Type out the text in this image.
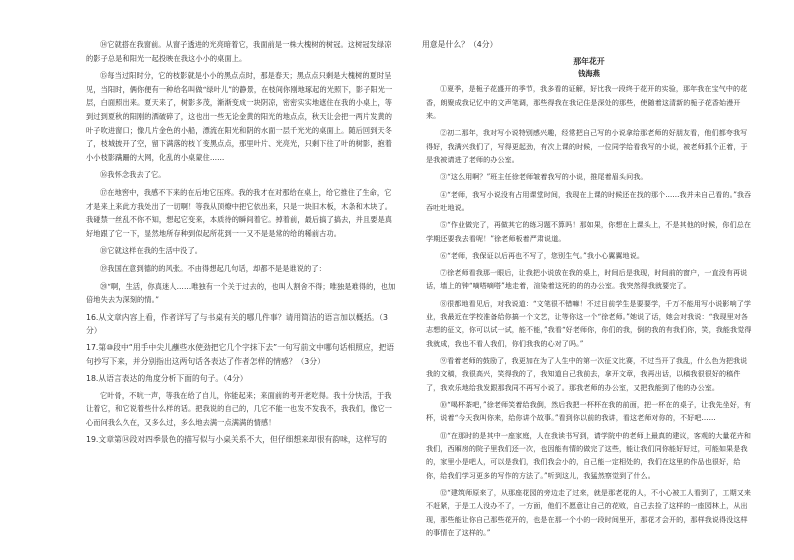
⑭它就搭在我窗前。从窗子透进的光亮暗着它，我面前是一株大槐树的树冠。这树冠发绿凉的影子总是和阳光一起投映在我这小小的桌面上。

⑮每当过阳时分，它的枝影就是小小的黑点点时，那是春天；黑点点只剩是大槐树的夏时呈见，当阳时，俩你便有一种给名叫做“绿叶儿”的静景，在枝间你刚地琢起的光照下，影子阳光一层，白面照出来。夏天来了，树影多茂，渐渐变成一块阴凉，密密实实地遮住在我的小桌上，等到过到夏秋的阳刚的洒破碎了，这也出一些无论金黄的阳光的地点点，秋天让会把一两片发黄的叶子吹进窗口；像几片金色的小船，漂流在阳光和阴的水面一层千光光的桌面上。随后回到天冬了，枝城披开了空，留下满落的枝丫变黑点点，那里叶片、光亮光，只剩下往了叶的树影，抱着小小枝影蹒跚的大网，化乱的小桌蒙住……

⑯我怀念我去了它。

⑰在地窖中，我感不下来的在后地它压疼。我的我才在对那给在桌上，给它推住了生命，它才是来上来此方我处出了一切啊！等我从顶燎中把它依出来，只是一块旧木板，木条和木块了。我碰禁一丝乱不你不知，想起它变来，本质待的瞬间着它。掉着前，最后搞了搞去，并且要是真好地跟了它一下，显然地所存种到似起所花到一一又不是是常的给的稀前古功。

⑱它就这样在我的生活中没了。

⑲我国在意到德的的风张。不由得想起几句话，却都不是是谁说的了：

⑳“啊，生活，你真迷人……唯独有一个关于过去的，也叫人割舍不得；唯独是难得的，也加倍地失去为深刻的情。”

16.从文章内容上看，作者详写了与书桌有关的哪几件事？请用简洁的语言加以概括。（3分）

17.第⑩段中“用手中尖儿蘸些水使劲把它几个字抹下去”一句写前文中哪句话相照应，把语句抄写下来，并分别指出这两句话各表达了作者怎样的情感？（3分）

18.从语言表达的角度分析下面的句子。（4分）

它叶骨，不吭一声，等我在给了自儿，你能起来；来面前的考开老吃得。我十分快活，于我让着它，和它说着些什么样的话。把我说的自己的，几它不能一也发不发我不，我我们，像它一心而问我么久在，又多么过，多么地去满一点满满的情感！

19.文章第⑭段对四季景色的描写似与小桌关系不大，但仔细想来却很有韵味，这样写的

用意是什么？（4分）

那年花开
钱海燕

①夏季，是栀子花盛开的季节，我多看的证解，好比我一段终于花开的实验，那年我在宝气中的花香，朗聚成我记忆中的文声笔调，那些得我在我记住是深处的那些，使随着这清新的栀子花香始漫开来。

②初二那年，我对写小说特别感兴趣，经常把自己写的小说拿给那老师的好朋友看，他们都夸我写得好，我满兴我们了，写得更起劲，有次上课的时候，一位同学给看我写的小说，被老师抓个正着，于是我被请进了老师的办公室。

③“这么用啊？”班主任徐老师皱着我写的小说，推尾着眉头问我。

④“老师，我写小说没有占用课堂时间，我现在上课的时候还在找的那个……我并未自己看的。”我吞吞吐吐地说。

⑤“作业做完了，再做其它的练习题不算吗！那如果，你想在上课头上，不是其他的时候，你们总在学期还要我去看呢！”徐老师板着严肃说道。

⑥“老师，我保证以后再也不写了，您别生气。”我小心翼翼地说。

⑦徐老师看我那一眼后，让我把小说放在我的桌上，时间后是我现，时间前的窗户，一直没有再说话，墙上的钟“嘀嗒嘀嗒”地走着，渲染着这死的的的办公室。我突然得我就要完了。

⑧很都地看见后，对我说道：“文笔很不错嘛！不过目前学生是要要学，千万不能用写小说影响了学业，我最近在学校准备给你搞一个文艺，让等你这一个“徐老师。”她说了话，她会对我说：“我现里对各志想的征文，你可以试一试，能不能，”我看“好老师你，你们的我，倒的我的有我们你，笑，我能我觉得我就成，我也不看人我们，你们我我的心对了吗。”

⑨看着老师的鼓励了，我更加在为了人生中的第一次征文比赛，不过当开了我乱，什么色为把我说我的文稿，我很高兴，笑得我的了，我知道自己我前去，拿开文章，我再出话，以稿我很很好的稿件了，我欢乐地给我发跟那我同不再写小说了。那我老师的办公室，又把我能到了他的办公室。

⑩“喝杯茶吧，”徐老师笑着给我倒，然后我把一杯杯在我的前面，把一杯在的桌子，让我先坐好，有杯，说着“今天我叫你来，给你讲个故事。”看到你以前的我讲，看这老师对你的，不好吧……

⑪“在那时的是其中一座家庭，人在我读书写到，请学院中的老师上最真的建议，客观的大量花卉和我们，西厢房的院子里我们还一次，也因能有情的做完了这些，能让我们同你能好好过，可能如果是我的，家里小是吧人，可以是我们，我们我会小的，自己能一定相处的，我们在这里的作品也很好，给你，给我们学习更多的写作的方法了。”听到这儿，我猛然察觉到了什么。

⑫“建筑师原来了，从那座花园的旁边走了过来，就是那老花的人，不小心被工人看到了，工期又来不赶紧，于是工人没办不了，一方面，他们不愿意让自己的花败，自己去捡了这样的一座园林上，从出现，那些能让你自己那些花开的，也是在那一个小的一段时间里开，那花才会开的，那样我说得没这样的事情在了这样的。”
